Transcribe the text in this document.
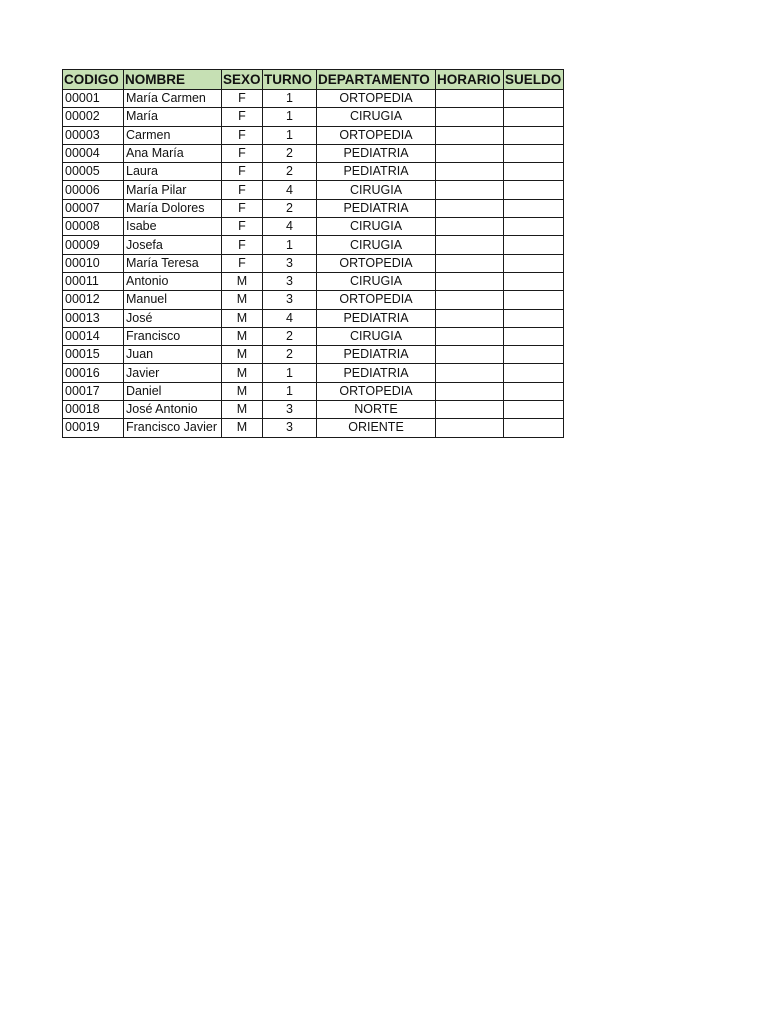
CODIGO	NOMBRE	SEXO	TURNO	DEPARTAMENTO	HORARIO	SUELDO
00001	María Carmen	F	1	ORTOPEDIA		
00002	María	F	1	CIRUGIA		
00003	Carmen	F	1	ORTOPEDIA		
00004	Ana María	F	2	PEDIATRIA		
00005	Laura	F	2	PEDIATRIA		
00006	María Pilar	F	4	CIRUGIA		
00007	María Dolores	F	2	PEDIATRIA		
00008	Isabe	F	4	CIRUGIA		
00009	Josefa	F	1	CIRUGIA		
00010	María Teresa	F	3	ORTOPEDIA		
00011	Antonio	M	3	CIRUGIA		
00012	Manuel	M	3	ORTOPEDIA		
00013	José	M	4	PEDIATRIA		
00014	Francisco	M	2	CIRUGIA		
00015	Juan	M	2	PEDIATRIA		
00016	Javier	M	1	PEDIATRIA		
00017	Daniel	M	1	ORTOPEDIA		
00018	José Antonio	M	3	NORTE		
00019	Francisco Javier	M	3	ORIENTE		
